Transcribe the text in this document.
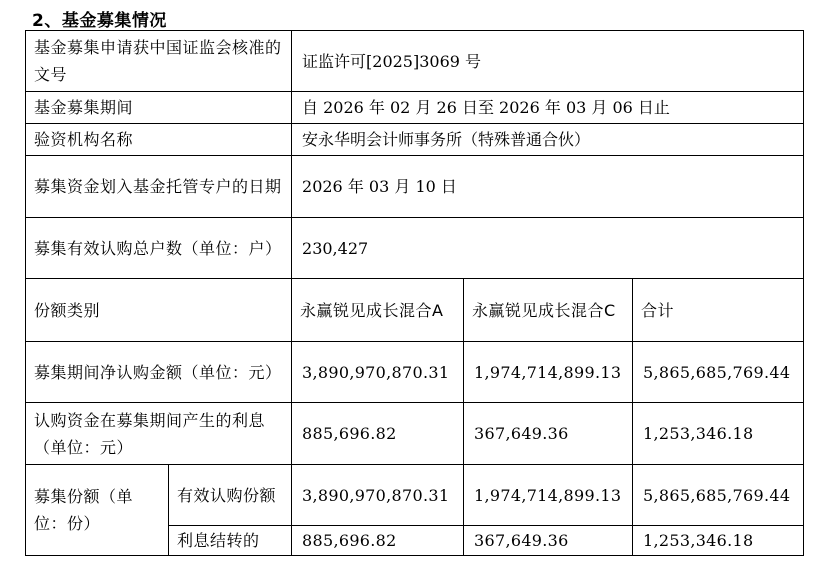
2、基金募集情况
基金募集申请获中国证监会核准的文号		证监许可[2025]3069 号		
基金募集期间		自 2026 年 02 月 26 日至 2026 年 03 月 06 日止		
验资机构名称		安永华明会计师事务所（特殊普通合伙）		
募集资金划入基金托管专户的日期		2026 年 03 月 10 日		
募集有效认购总户数（单位：户）		230,427		
份额类别		永赢锐见成长混合A	永赢锐见成长混合C	合计
募集期间净认购金额（单位：元）		3,890,970,870.31	1,974,714,899.13	5,865,685,769.44
认购资金在募集期间产生的利息（单位：元）		885,696.82	367,649.36	1,253,346.18
募集份额（单位：份）	有效认购份额	3,890,970,870.31	1,974,714,899.13	5,865,685,769.44
	利息结转的	885,696.82	367,649.36	1,253,346.18
